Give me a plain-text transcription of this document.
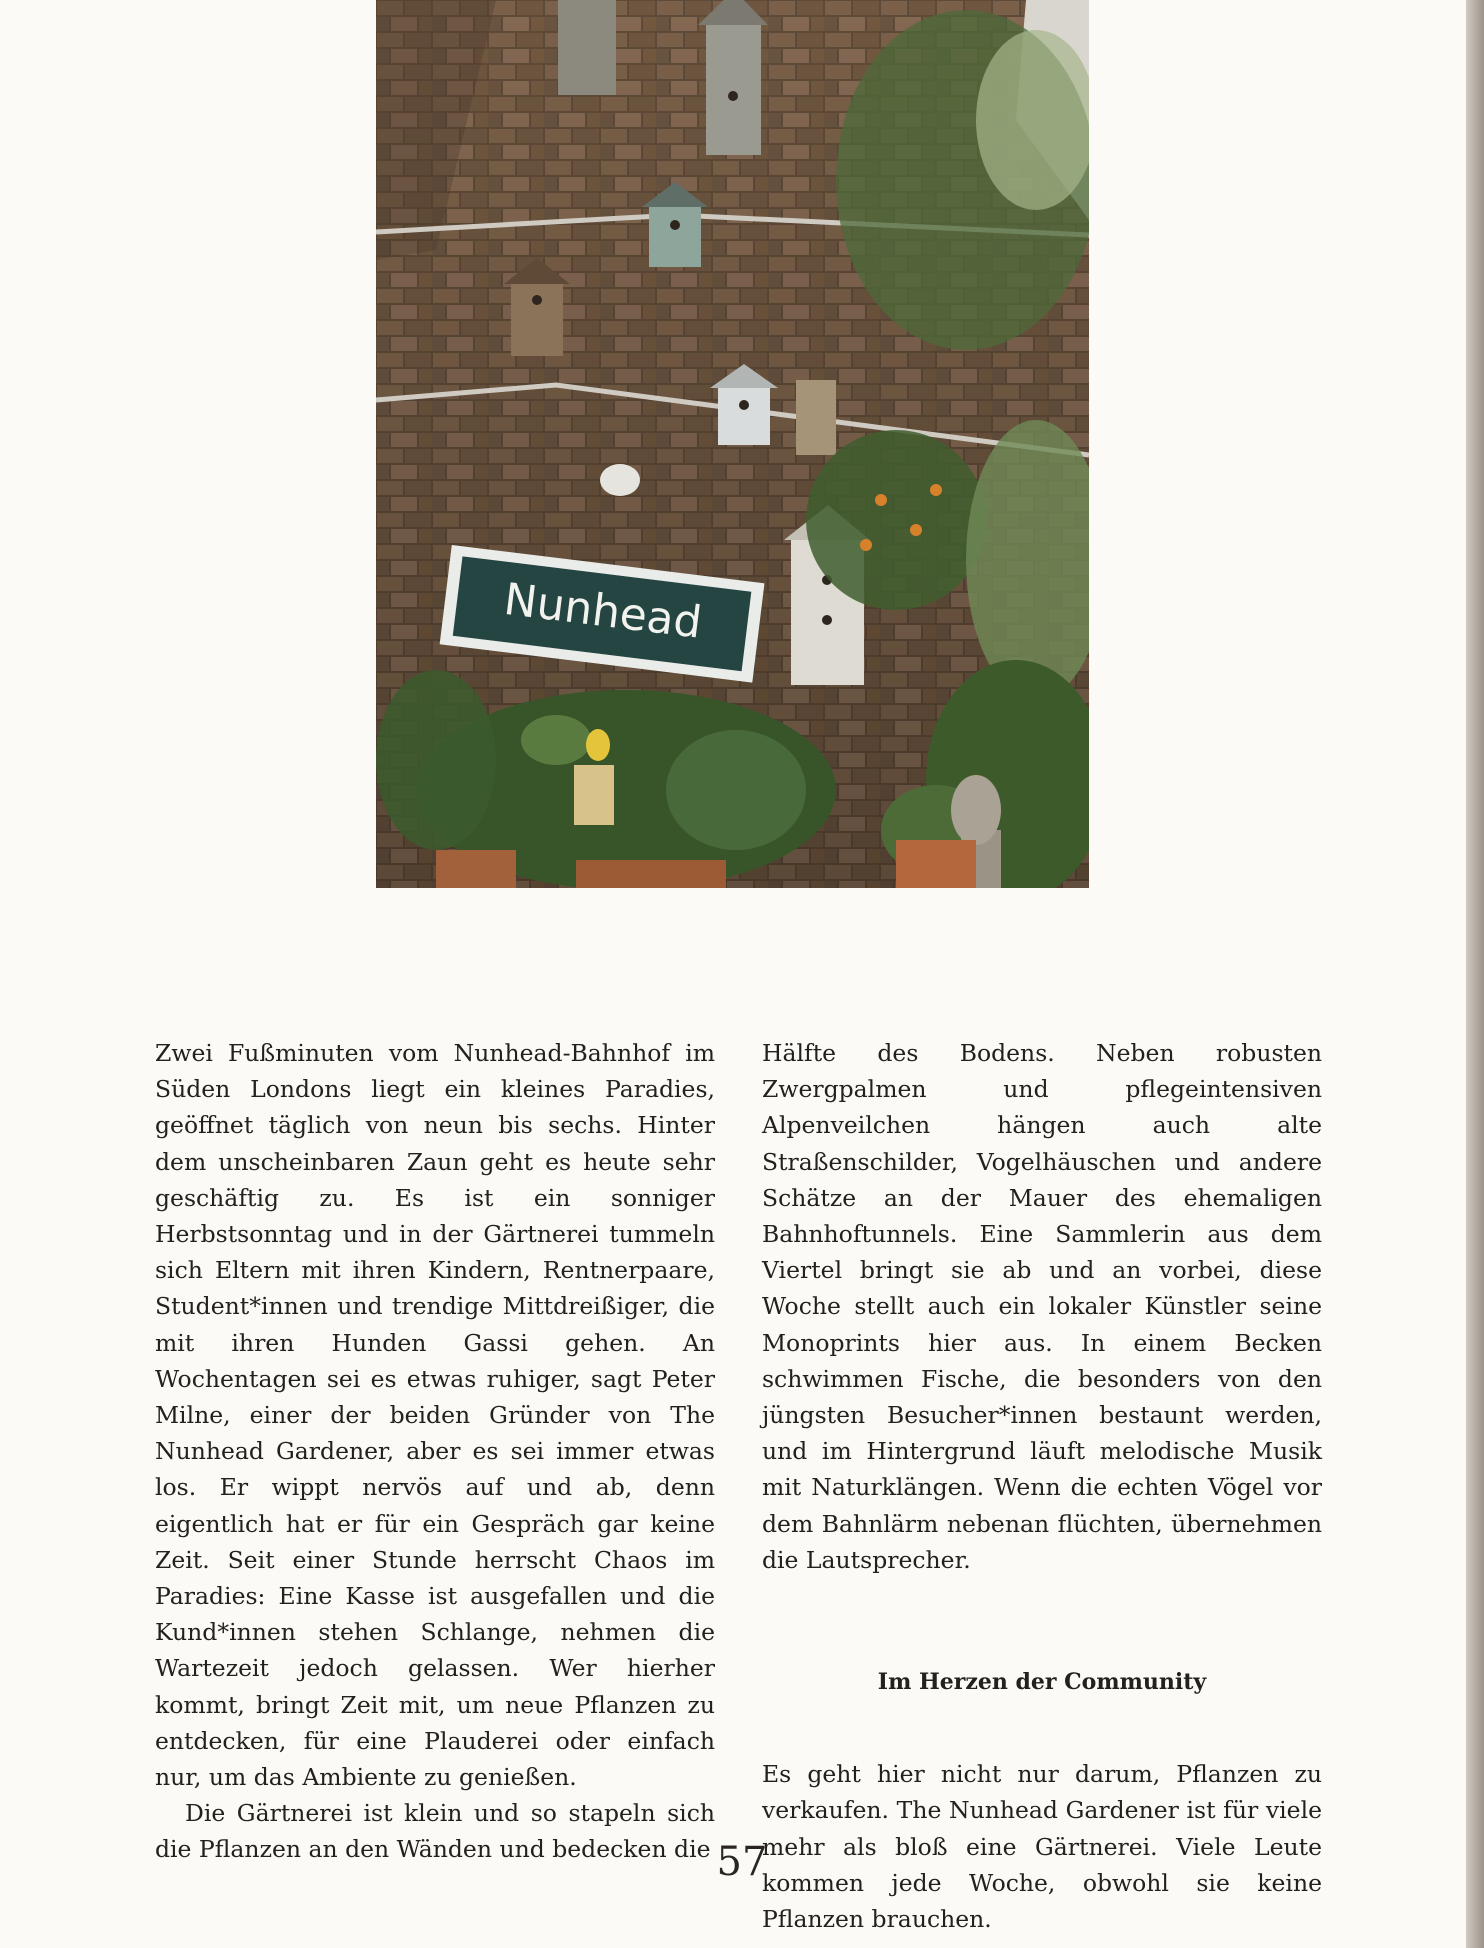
Nunhead

Zwei Fußminuten vom Nunhead-Bahnhof im Süden Londons liegt ein kleines Paradies, geöffnet täglich von neun bis sechs. Hinter dem unscheinbaren Zaun geht es heute sehr geschäftig zu. Es ist ein sonniger Herbstsonntag und in der Gärtnerei tummeln sich Eltern mit ihren Kindern, Rentnerpaare, Student*innen und trendige Mittdreißiger, die mit ihren Hunden Gassi gehen. An Wochentagen sei es etwas ruhiger, sagt Peter Milne, einer der beiden Gründer von The Nunhead Gardener, aber es sei immer etwas los. Er wippt nervös auf und ab, denn eigentlich hat er für ein Gespräch gar keine Zeit. Seit einer Stunde herrscht Chaos im Paradies: Eine Kasse ist ausgefallen und die Kund*innen stehen Schlange, nehmen die Wartezeit jedoch gelassen. Wer hierher kommt, bringt Zeit mit, um neue Pflanzen zu entdecken, für eine Plauderei oder einfach nur, um das Ambiente zu genießen.

Die Gärtnerei ist klein und so stapeln sich die Pflanzen an den Wänden und bedecken die

Hälfte des Bodens. Neben robusten Zwergpalmen und pflegeintensiven Alpenveilchen hängen auch alte Straßenschilder, Vogelhäuschen und andere Schätze an der Mauer des ehemaligen Bahnhoftunnels. Eine Sammlerin aus dem Viertel bringt sie ab und an vorbei, diese Woche stellt auch ein lokaler Künstler seine Monoprints hier aus. In einem Becken schwimmen Fische, die besonders von den jüngsten Besucher*innen bestaunt werden, und im Hintergrund läuft melodische Musik mit Naturklängen. Wenn die echten Vögel vor dem Bahnlärm nebenan flüchten, übernehmen die Lautsprecher.

Im Herzen der Community

Es geht hier nicht nur darum, Pflanzen zu verkaufen. The Nunhead Gardener ist für viele mehr als bloß eine Gärtnerei. Viele Leute kommen jede Woche, obwohl sie keine Pflanzen brauchen.

57
